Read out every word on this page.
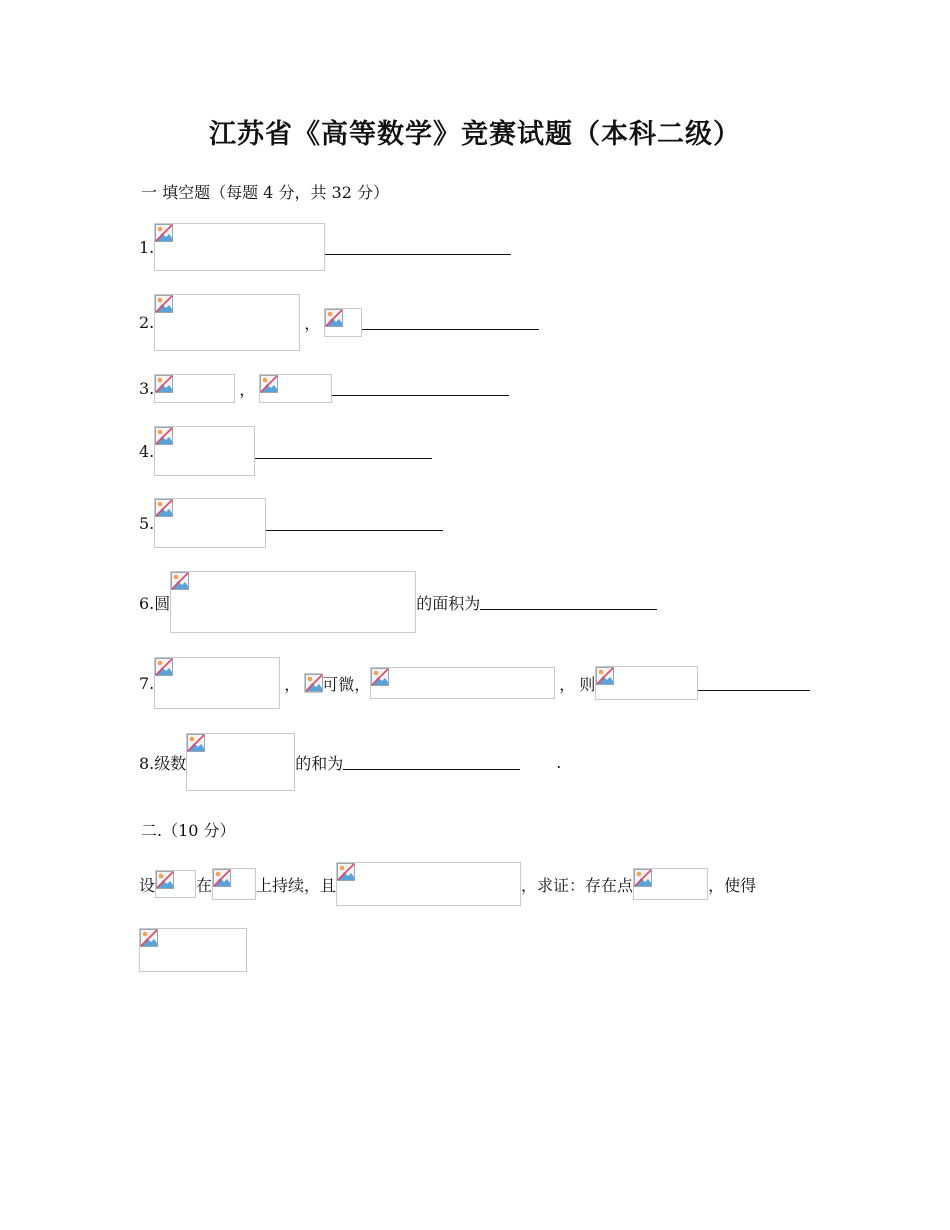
江苏省《高等数学》竞赛试题（本科二级）
一 填空题（每题 4 分，共 32 分）
1.
2.	，
3.	，
4.
5.
6.圆	的面积为
7.	， 可微，	， 则
8.级数	的和为	.
二.（10 分）
设	在	上持续，且	，求证：存在点	，使得
